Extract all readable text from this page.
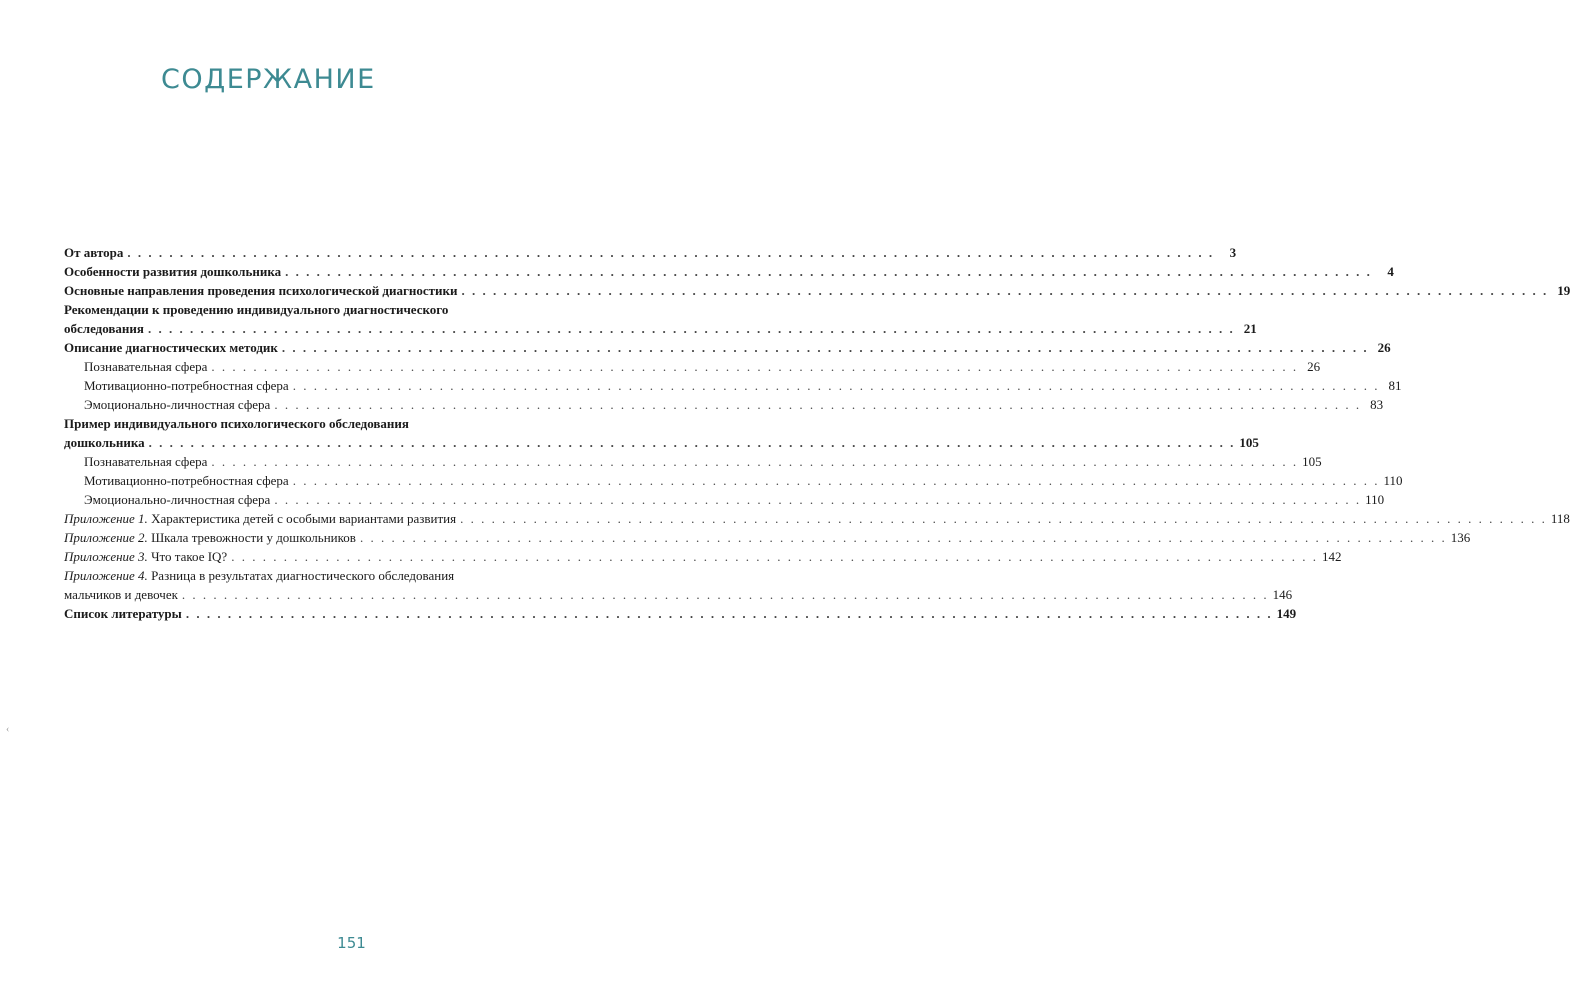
СОДЕРЖАНИЕ
От автора . . . . . . . . . . . . . . . . . . . . . . . . . . . . . . . . . . . . . . . . . . . . . . . . . . . . . . . . . . . . . . . . . . . . . . . . . . . . . . . . . . . . . . . . . . . . . . . . . . . . . . . .	3
Особенности развития дошкольника . . . . . . . . . . . . . . . . . . . . . . . . . . . . . . . . . . . . . . . . . . . . . . . . . . . . . . . . . . . . . . . . . . . . . . . . . . . . . . . . . . . . . . . . . . . . . . . . . . . . . . . .	4
Основные направления проведения психологической диагностики . . . . . . . . . . . . . . . . . . . . . . . . . . . . . . . . . . . . . . . . . . . . . . . . . . . . . . . . . . . . . . . . . . . . . . . . . . . . . . . . . . . . . . . . . . . . . . . . . . . . . . . . 19
Рекомендации к проведению индивидуального диагностического
обследования . . . . . . . . . . . . . . . . . . . . . . . . . . . . . . . . . . . . . . . . . . . . . . . . . . . . . . . . . . . . . . . . . . . . . . . . . . . . . . . . . . . . . . . . . . . . . . . . . . . . . . . . 21
Описание диагностических методик . . . . . . . . . . . . . . . . . . . . . . . . . . . . . . . . . . . . . . . . . . . . . . . . . . . . . . . . . . . . . . . . . . . . . . . . . . . . . . . . . . . . . . . . . . . . . . . . . . . . . . . . 26
Познавательная сфера . . . . . . . . . . . . . . . . . . . . . . . . . . . . . . . . . . . . . . . . . . . . . . . . . . . . . . . . . . . . . . . . . . . . . . . . . . . . . . . . . . . . . . . . . . . . . . . . . . . . . . . . 26
Мотивационно-потребностная сфера . . . . . . . . . . . . . . . . . . . . . . . . . . . . . . . . . . . . . . . . . . . . . . . . . . . . . . . . . . . . . . . . . . . . . . . . . . . . . . . . . . . . . . . . . . . . . . . . . . . . . . . . 81
Эмоционально-личностная сфера . . . . . . . . . . . . . . . . . . . . . . . . . . . . . . . . . . . . . . . . . . . . . . . . . . . . . . . . . . . . . . . . . . . . . . . . . . . . . . . . . . . . . . . . . . . . . . . . . . . . . . . . 83
Пример индивидуального психологического обследования
дошкольника . . . . . . . . . . . . . . . . . . . . . . . . . . . . . . . . . . . . . . . . . . . . . . . . . . . . . . . . . . . . . . . . . . . . . . . . . . . . . . . . . . . . . . . . . . . . . . . . . . . . . . . . 105
Познавательная сфера . . . . . . . . . . . . . . . . . . . . . . . . . . . . . . . . . . . . . . . . . . . . . . . . . . . . . . . . . . . . . . . . . . . . . . . . . . . . . . . . . . . . . . . . . . . . . . . . . . . . . . . . 105
Мотивационно-потребностная сфера . . . . . . . . . . . . . . . . . . . . . . . . . . . . . . . . . . . . . . . . . . . . . . . . . . . . . . . . . . . . . . . . . . . . . . . . . . . . . . . . . . . . . . . . . . . . . . . . . . . . . . . . 110
Эмоционально-личностная сфера . . . . . . . . . . . . . . . . . . . . . . . . . . . . . . . . . . . . . . . . . . . . . . . . . . . . . . . . . . . . . . . . . . . . . . . . . . . . . . . . . . . . . . . . . . . . . . . . . . . . . . . . 110
Приложение 1. Характеристика детей с особыми вариантами развития . . . . . . . . . . . . . . . . . . . . . . . . . . . . . . . . . . . . . . . . . . . . . . . . . . . . . . . . . . . . . . . . . . . . . . . . . . . . . . . . . . . . . . . . . . . . . . . . . . . . . . . . 118
Приложение 2. Шкала тревожности у дошкольников . . . . . . . . . . . . . . . . . . . . . . . . . . . . . . . . . . . . . . . . . . . . . . . . . . . . . . . . . . . . . . . . . . . . . . . . . . . . . . . . . . . . . . . . . . . . . . . . . . . . . . . . 136
Приложение 3. Что такое IQ? . . . . . . . . . . . . . . . . . . . . . . . . . . . . . . . . . . . . . . . . . . . . . . . . . . . . . . . . . . . . . . . . . . . . . . . . . . . . . . . . . . . . . . . . . . . . . . . . . . . . . . . . 142
Приложение 4. Разница в результатах диагностического обследования
мальчиков и девочек . . . . . . . . . . . . . . . . . . . . . . . . . . . . . . . . . . . . . . . . . . . . . . . . . . . . . . . . . . . . . . . . . . . . . . . . . . . . . . . . . . . . . . . . . . . . . . . . . . . . . . . . 146
Список литературы . . . . . . . . . . . . . . . . . . . . . . . . . . . . . . . . . . . . . . . . . . . . . . . . . . . . . . . . . . . . . . . . . . . . . . . . . . . . . . . . . . . . . . . . . . . . . . . . . . . . . . . . 149
151
‹
